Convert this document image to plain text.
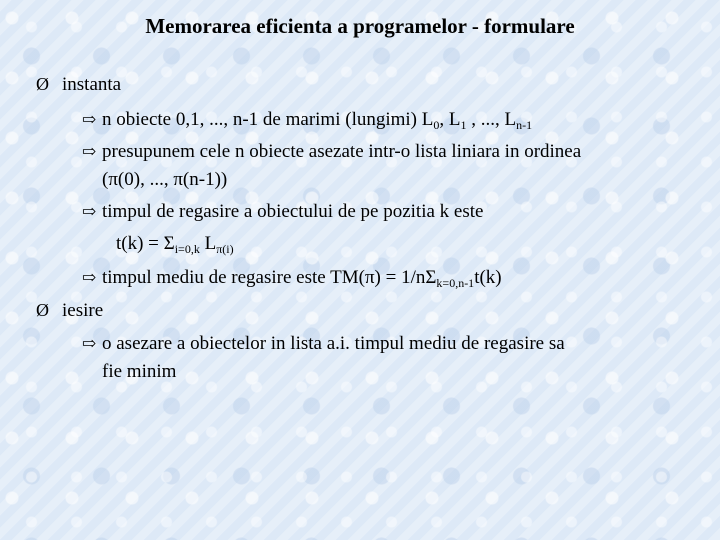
Memorarea eficienta a programelor - formulare
Ø instanta
⇨ n obiecte 0,1, ..., n-1 de marimi (lungimi) $L_0$, $L_1$ , ..., $L_{n-1}$
⇨ presupunem cele n obiecte asezate intr-o lista liniara in ordinea
(π(0), ..., π(n-1))
⇨ timpul de regasire a obiectului de pe pozitia k este
$t(k) = \Sigma_{i=0,k}$ $L_{\pi(i)}$
⇨ timpul mediu de regasire este $TM(\pi) = 1/n\Sigma_{k=0,n-1}t(k)$
Ø iesire
⇨ o asezare a obiectelor in lista a.i. timpul mediu de regasire sa
fie minim
